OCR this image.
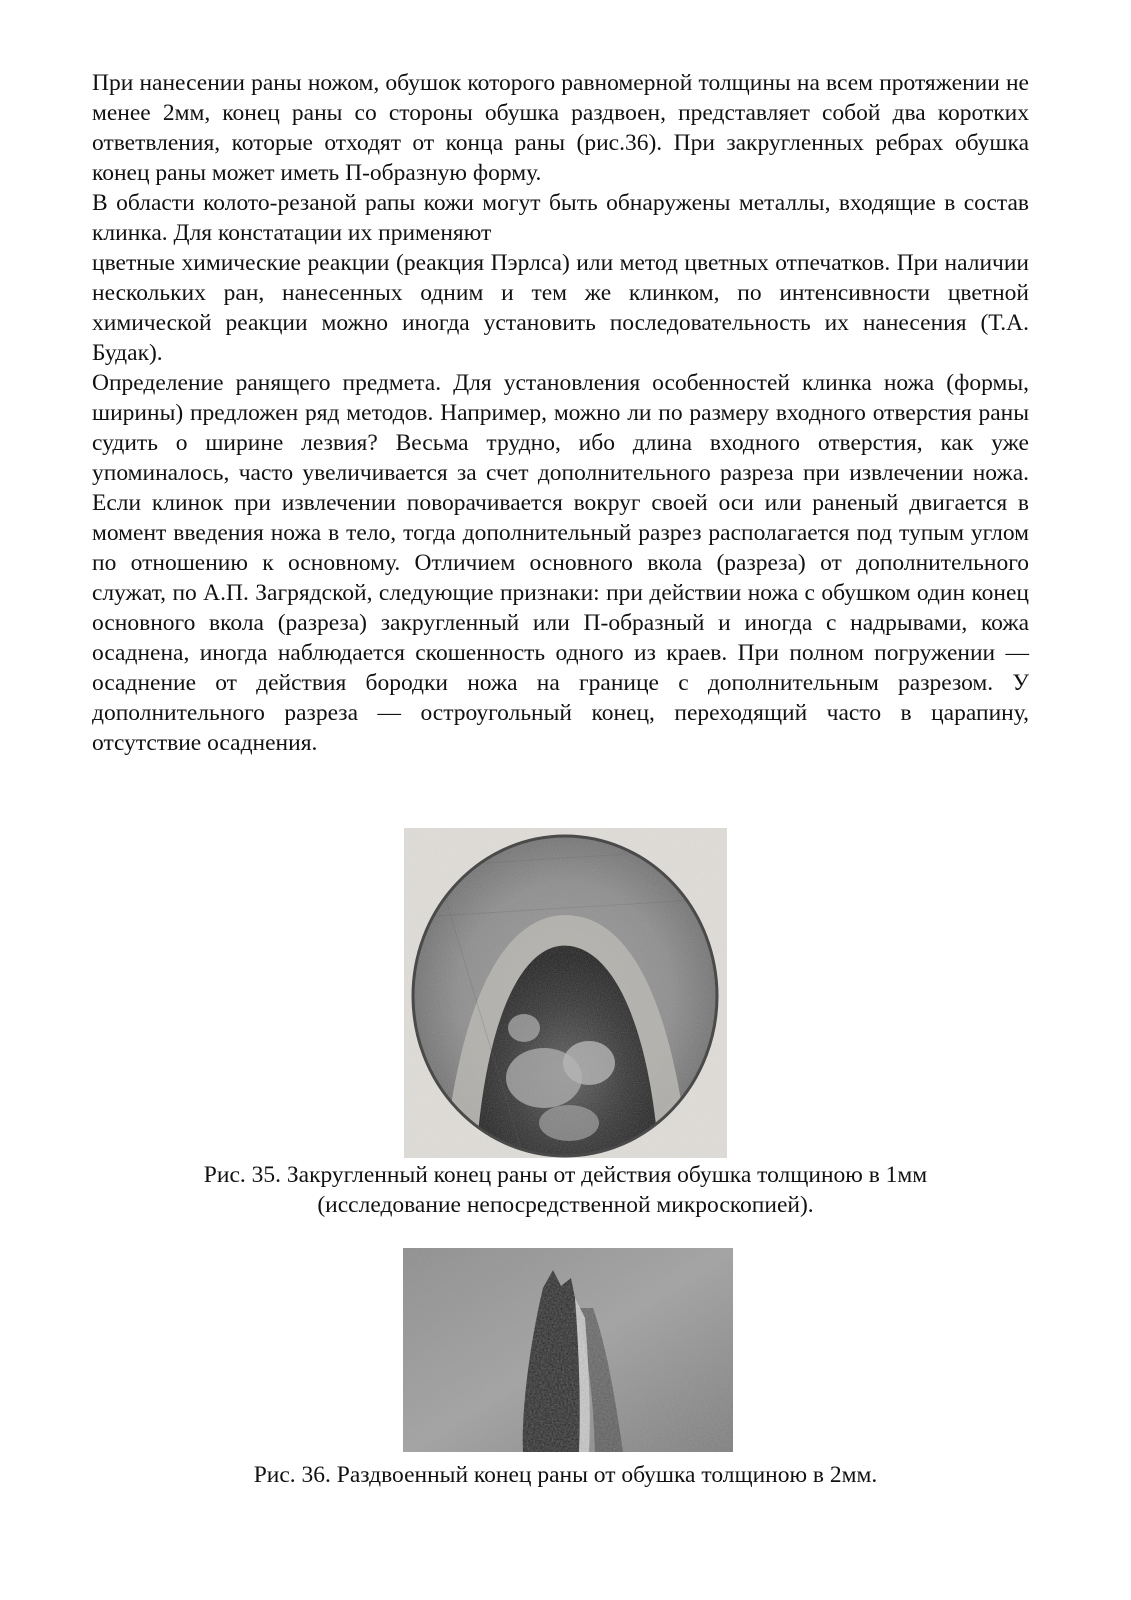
При нанесении раны ножом, обушок которого равномерной толщины на всем протяжении не менее 2мм, конец раны со стороны обушка раздвоен, представляет собой два коротких ответвления, которые отходят от конца раны (рис.36). При закругленных ребрах обушка конец раны может иметь П-образную форму.

В области колото-резаной рапы кожи могут быть обнаружены металлы, входящие в состав клинка. Для констатации их применяют

цветные химические реакции (реакция Пэрлса) или метод цветных отпечатков. При наличии нескольких ран, нанесенных одним и тем же клинком, по интенсивности цветной химической реакции можно иногда установить последовательность их нанесения (Т.А. Будак).

Определение ранящего предмета. Для установления особенностей клинка ножа (формы, ширины) предложен ряд методов. Например, можно ли по размеру входного отверстия раны судить о ширине лезвия? Весьма трудно, ибо длина входного отверстия, как уже упоминалось, часто увеличивается за счет дополнительного разреза при извлечении ножа. Если клинок при извлечении поворачивается вокруг своей оси или раненый двигается в момент введения ножа в тело, тогда дополнительный разрез располагается под тупым углом по отношению к основному. Отличием основного вкола (разреза) от дополнительного служат, по А.П. Загрядской, следующие признаки: при действии ножа с обушком один конец основного вкола (разреза) закругленный или П-образный и иногда с надрывами, кожа осаднена, иногда наблюдается скошенность одного из краев. При полном погружении — осаднение от действия бородки ножа на границе с дополнительным разрезом. У дополнительного разреза — остроугольный конец, переходящий часто в царапину, отсутствие осаднения.

Рис. 35. Закругленный конец раны от действия обушка толщиною в 1мм
(исследование непосредственной микроскопией).
Рис. 36. Раздвоенный конец раны от обушка толщиною в 2мм.
